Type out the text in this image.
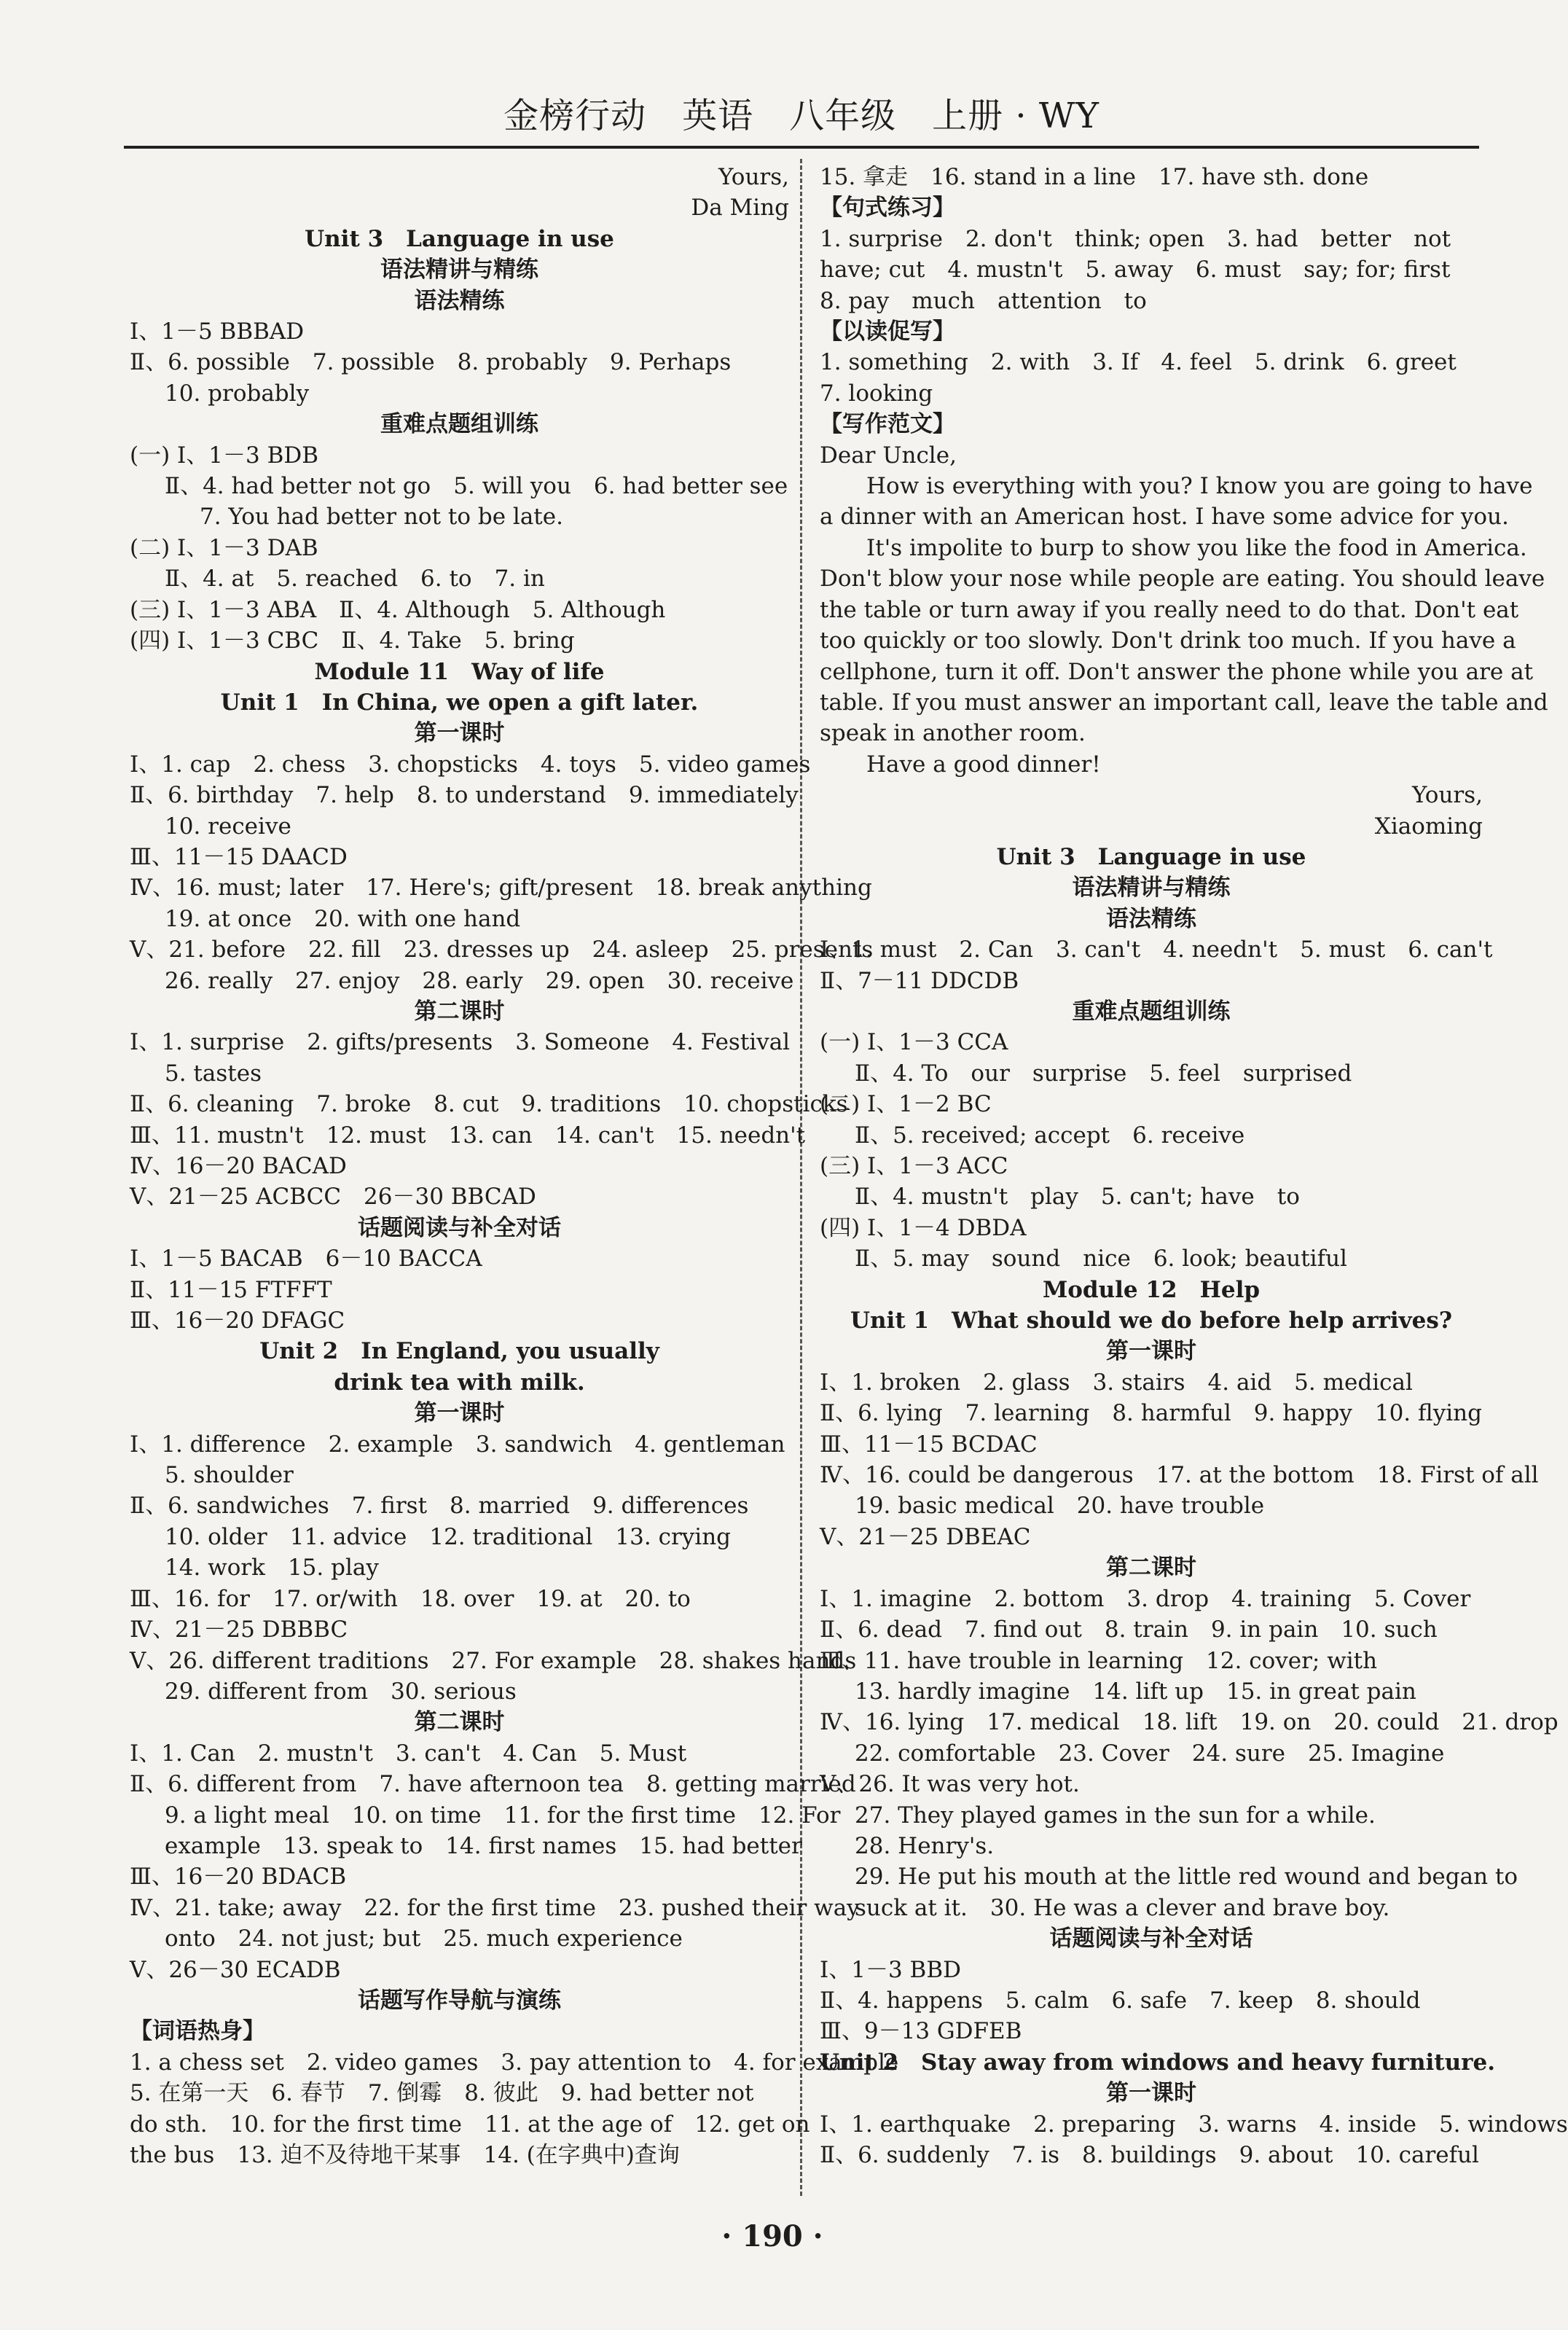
金榜行动　英语　八年级　上册 · WY
Yours,
Da Ming
Unit 3　Language in use
语法精讲与精练
语法精练
Ⅰ、1－5 BBBAD
Ⅱ、6. possible　7. possible　8. probably　9. Perhaps
10. probably
重难点题组训练
(一) Ⅰ、1－3 BDB
Ⅱ、4. had better not go　5. will you　6. had better see
7. You had better not to be late.
(二) Ⅰ、1－3 DAB
Ⅱ、4. at　5. reached　6. to　7. in
(三) Ⅰ、1－3 ABA　Ⅱ、4. Although　5. Although
(四) Ⅰ、1－3 CBC　Ⅱ、4. Take　5. bring
Module 11　Way of life
Unit 1　In China, we open a gift later.
第一课时
Ⅰ、1. cap　2. chess　3. chopsticks　4. toys　5. video games
Ⅱ、6. birthday　7. help　8. to understand　9. immediately
10. receive
Ⅲ、11－15 DAACD
Ⅳ、16. must; later　17. Here's; gift/present　18. break anything
19. at once　20. with one hand
Ⅴ、21. before　22. fill　23. dresses up　24. asleep　25. presents
26. really　27. enjoy　28. early　29. open　30. receive
第二课时
Ⅰ、1. surprise　2. gifts/presents　3. Someone　4. Festival
5. tastes
Ⅱ、6. cleaning　7. broke　8. cut　9. traditions　10. chopsticks
Ⅲ、11. mustn't　12. must　13. can　14. can't　15. needn't
Ⅳ、16－20 BACAD
Ⅴ、21－25 ACBCC　26－30 BBCAD
话题阅读与补全对话
Ⅰ、1－5 BACAB　6－10 BACCA
Ⅱ、11－15 FTFFT
Ⅲ、16－20 DFAGC
Unit 2　In England, you usually
drink tea with milk.
第一课时
Ⅰ、1. difference　2. example　3. sandwich　4. gentleman
5. shoulder
Ⅱ、6. sandwiches　7. first　8. married　9. differences
10. older　11. advice　12. traditional　13. crying
14. work　15. play
Ⅲ、16. for　17. or/with　18. over　19. at　20. to
Ⅳ、21－25 DBBBC
Ⅴ、26. different traditions　27. For example　28. shakes hands
29. different from　30. serious
第二课时
Ⅰ、1. Can　2. mustn't　3. can't　4. Can　5. Must
Ⅱ、6. different from　7. have afternoon tea　8. getting married
9. a light meal　10. on time　11. for the first time　12. For
example　13. speak to　14. first names　15. had better
Ⅲ、16－20 BDACB
Ⅳ、21. take; away　22. for the first time　23. pushed their way
onto　24. not just; but　25. much experience
Ⅴ、26－30 ECADB
话题写作导航与演练
【词语热身】
1. a chess set　2. video games　3. pay attention to　4. for example
5. 在第一天　6. 春节　7. 倒霉　8. 彼此　9. had better not
do sth.　10. for the first time　11. at the age of　12. get on
the bus　13. 迫不及待地干某事　14. (在字典中)查询
15. 拿走　16. stand in a line　17. have sth. done
【句式练习】
1. surprise　2. don't　think; open　3. had　better　not
have; cut　4. mustn't　5. away　6. must　say; for; first
8. pay　much　attention　to
【以读促写】
1. something　2. with　3. If　4. feel　5. drink　6. greet
7. looking
【写作范文】
Dear Uncle,
How is everything with you? I know you are going to have
a dinner with an American host. I have some advice for you.
It's impolite to burp to show you like the food in America.
Don't blow your nose while people are eating. You should leave
the table or turn away if you really need to do that. Don't eat
too quickly or too slowly. Don't drink too much. If you have a
cellphone, turn it off. Don't answer the phone while you are at
table. If you must answer an important call, leave the table and
speak in another room.
Have a good dinner!
Yours,
Xiaoming
Unit 3　Language in use
语法精讲与精练
语法精练
Ⅰ、1. must　2. Can　3. can't　4. needn't　5. must　6. can't
Ⅱ、7－11 DDCDB
重难点题组训练
(一) Ⅰ、1－3 CCA
Ⅱ、4. To　our　surprise　5. feel　surprised
(二) Ⅰ、1－2 BC
Ⅱ、5. received; accept　6. receive
(三) Ⅰ、1－3 ACC
Ⅱ、4. mustn't　play　5. can't; have　to
(四) Ⅰ、1－4 DBDA
Ⅱ、5. may　sound　nice　6. look; beautiful
Module 12　Help
Unit 1　What should we do before help arrives?
第一课时
Ⅰ、1. broken　2. glass　3. stairs　4. aid　5. medical
Ⅱ、6. lying　7. learning　8. harmful　9. happy　10. flying
Ⅲ、11－15 BCDAC
Ⅳ、16. could be dangerous　17. at the bottom　18. First of all
19. basic medical　20. have trouble
Ⅴ、21－25 DBEAC
第二课时
Ⅰ、1. imagine　2. bottom　3. drop　4. training　5. Cover
Ⅱ、6. dead　7. find out　8. train　9. in pain　10. such
Ⅲ、11. have trouble in learning　12. cover; with
13. hardly imagine　14. lift up　15. in great pain
Ⅳ、16. lying　17. medical　18. lift　19. on　20. could　21. drop
22. comfortable　23. Cover　24. sure　25. Imagine
Ⅴ、26. It was very hot.
27. They played games in the sun for a while.
28. Henry's.
29. He put his mouth at the little red wound and began to
suck at it.　30. He was a clever and brave boy.
话题阅读与补全对话
Ⅰ、1－3 BBD
Ⅱ、4. happens　5. calm　6. safe　7. keep　8. should
Ⅲ、9－13 GDFEB
Unit 2　Stay away from windows and heavy furniture.
第一课时
Ⅰ、1. earthquake　2. preparing　3. warns　4. inside　5. windows
Ⅱ、6. suddenly　7. is　8. buildings　9. about　10. careful
· 190 ·
